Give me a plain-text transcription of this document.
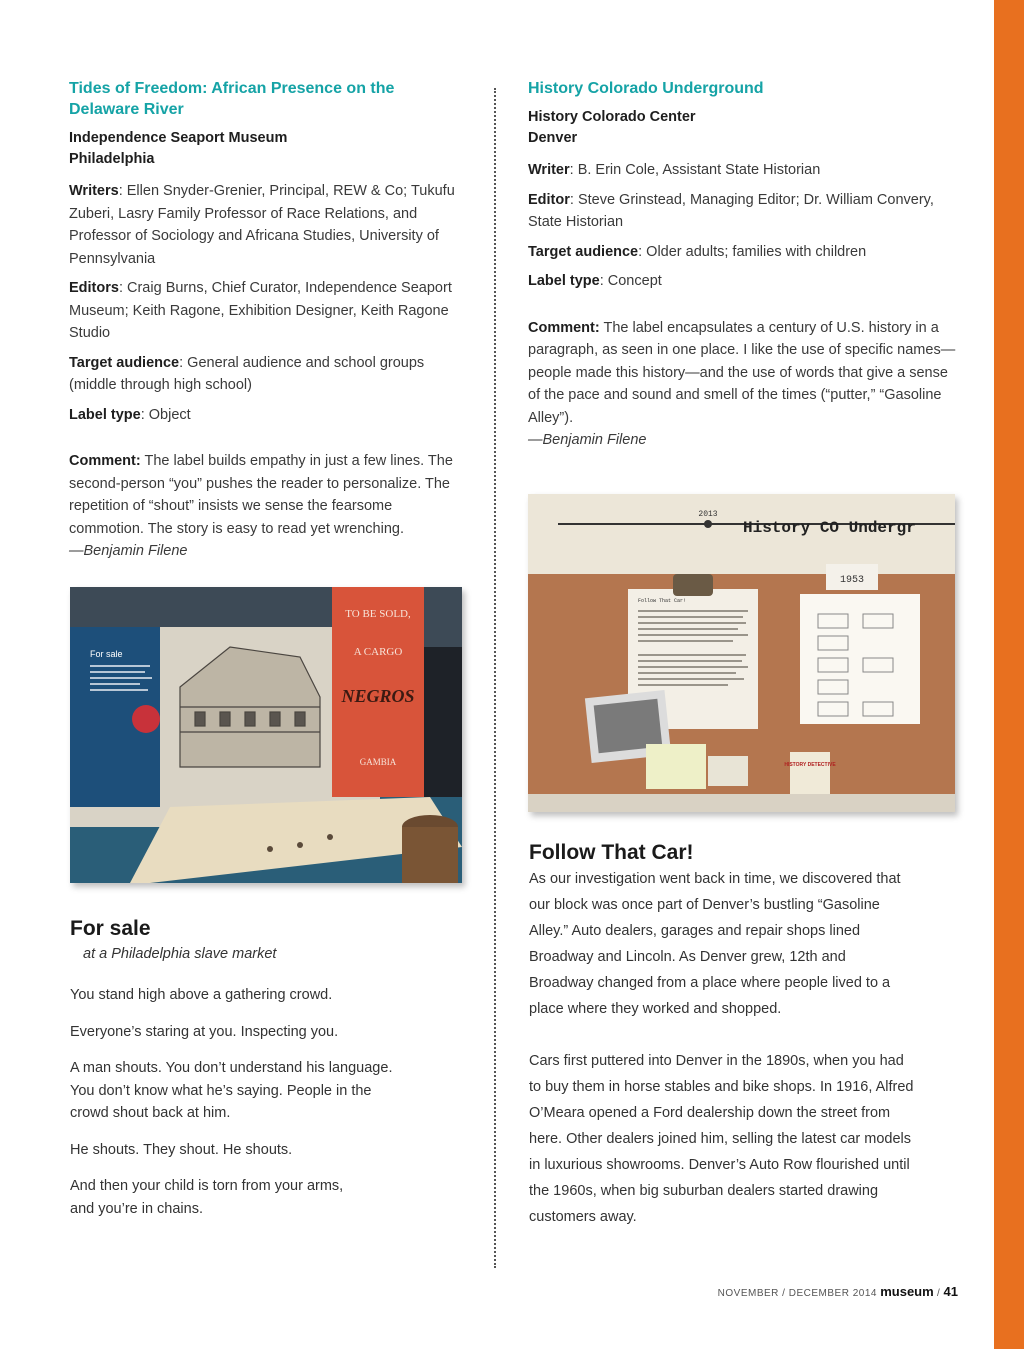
Tides of Freedom: African Presence on the Delaware River
Independence Seaport Museum
Philadelphia

Writers: Ellen Snyder-Grenier, Principal, REW & Co; Tukufu Zuberi, Lasry Family Professor of Race Relations, and Professor of Sociology and Africana Studies, University of Pennsylvania

Editors: Craig Burns, Chief Curator, Independence Seaport Museum; Keith Ragone, Exhibition Designer, Keith Ragone Studio

Target audience: General audience and school groups (middle through high school)

Label type: Object

Comment: The label builds empathy in just a few lines. The second-person “you” pushes the reader to personalize. The repetition of “shout” insists we sense the fearsome commotion. The story is easy to read yet wrenching.
—Benjamin Filene

For sale
TO BE SOLD,
A CARGO
NEGROS
GAMBIA
For sale

at a Philadelphia slave market

You stand high above a gathering crowd.

Everyone’s staring at you. Inspecting you.

A man shouts. You don’t understand his language. You don’t know what he’s saying. People in the crowd shout back at him.

He shouts. They shout. He shouts.

And then your child is torn from your arms, and you’re in chains.

History Colorado Underground
History Colorado Center
Denver

Writer: B. Erin Cole, Assistant State Historian

Editor: Steve Grinstead, Managing Editor; Dr. William Convery, State Historian

Target audience: Older adults; families with children

Label type: Concept

Comment: The label encapsulates a century of U.S. history in a paragraph, as seen in one place. I like the use of specific names—people made this history—and the use of words that give a sense of the pace and sound and smell of the times (“putter,” “Gasoline Alley”).
—Benjamin Filene

2013
History CO Undergr
1953
Follow That Car!
HISTORY DETECTIVE
Follow That Car!

As our investigation went back in time, we discovered that our block was once part of Denver’s bustling “Gasoline Alley.” Auto dealers, garages and repair shops lined Broadway and Lincoln. As Denver grew, 12th and Broadway changed from a place where people lived to a place where they worked and shopped.

Cars first puttered into Denver in the 1890s, when you had to buy them in horse stables and bike shops. In 1916, Alfred O’Meara opened a Ford dealership down the street from here. Other dealers joined him, selling the latest car models in luxurious showrooms. Denver’s Auto Row flourished until the 1960s, when big suburban dealers started drawing customers away.

NOVEMBER / DECEMBER 2014 museum / 41
